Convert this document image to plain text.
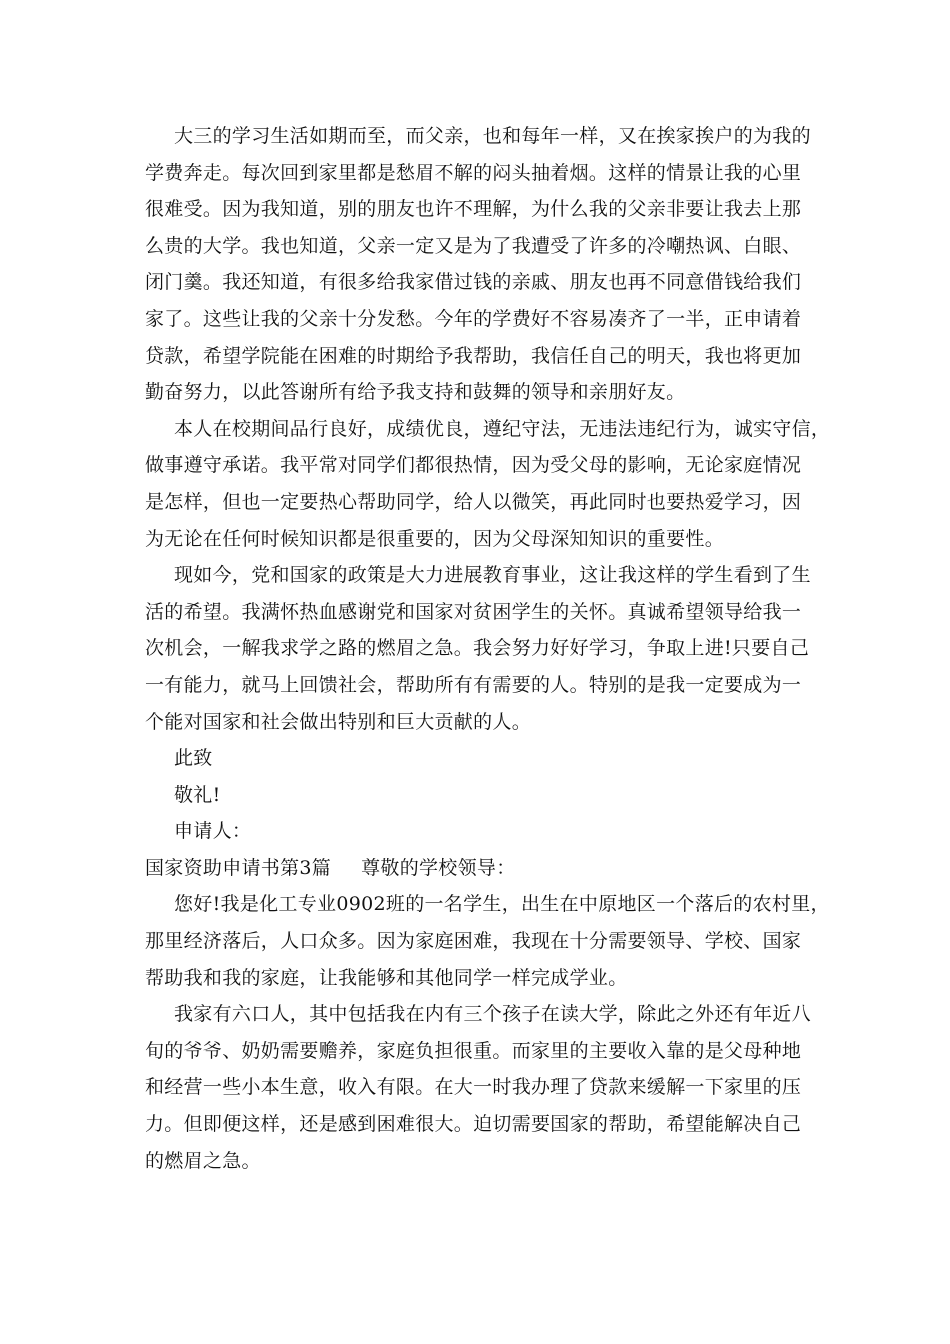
大三的学习生活如期而至，而父亲，也和每年一样，又在挨家挨户的为我的
学费奔走。每次回到家里都是愁眉不解的闷头抽着烟。这样的情景让我的心里
很难受。因为我知道，别的朋友也许不理解，为什么我的父亲非要让我去上那
么贵的大学。我也知道，父亲一定又是为了我遭受了许多的冷嘲热讽、白眼、
闭门羹。我还知道，有很多给我家借过钱的亲戚、朋友也再不同意借钱给我们
家了。这些让我的父亲十分发愁。今年的学费好不容易凑齐了一半，正申请着
贷款，希望学院能在困难的时期给予我帮助，我信任自己的明天，我也将更加
勤奋努力，以此答谢所有给予我支持和鼓舞的领导和亲朋好友。
本人在校期间品行良好，成绩优良，遵纪守法，无违法违纪行为，诚实守信，
做事遵守承诺。我平常对同学们都很热情，因为受父母的影响，无论家庭情况
是怎样，但也一定要热心帮助同学，给人以微笑，再此同时也要热爱学习，因
为无论在任何时候知识都是很重要的，因为父母深知知识的重要性。
现如今，党和国家的政策是大力进展教育事业，这让我这样的学生看到了生
活的希望。我满怀热血感谢党和国家对贫困学生的关怀。真诚希望领导给我一
次机会，一解我求学之路的燃眉之急。我会努力好好学习，争取上进!只要自己
一有能力，就马上回馈社会，帮助所有有需要的人。特别的是我一定要成为一
个能对国家和社会做出特别和巨大贡献的人。
此致
敬礼!
申请人：
国家资助申请书第3篇 尊敬的学校领导：
您好!我是化工专业0902班的一名学生，出生在中原地区一个落后的农村里，
那里经济落后，人口众多。因为家庭困难，我现在十分需要领导、学校、国家
帮助我和我的家庭，让我能够和其他同学一样完成学业。
我家有六口人，其中包括我在内有三个孩子在读大学，除此之外还有年近八
旬的爷爷、奶奶需要赡养，家庭负担很重。而家里的主要收入靠的是父母种地
和经营一些小本生意，收入有限。在大一时我办理了贷款来缓解一下家里的压
力。但即便这样，还是感到困难很大。迫切需要国家的帮助，希望能解决自己
的燃眉之急。
